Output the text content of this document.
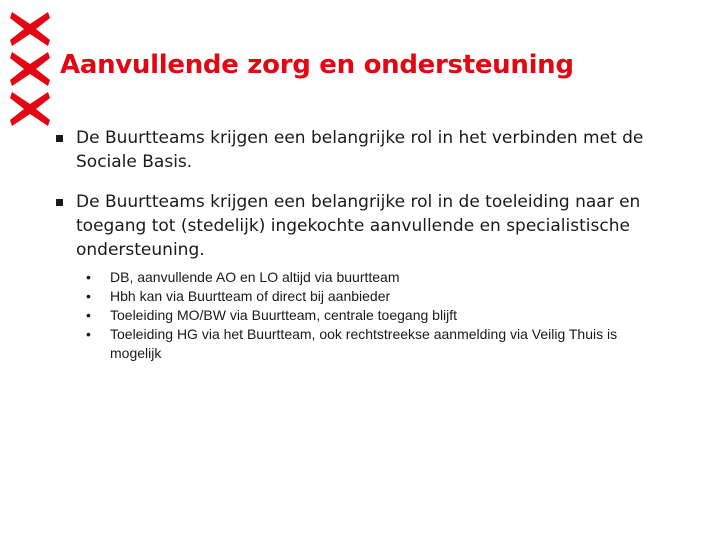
Aanvullende zorg en ondersteuning
De Buurtteams krijgen een belangrijke rol in het verbinden met de Sociale Basis.
De Buurtteams krijgen een belangrijke rol in de toeleiding naar en toegang tot (stedelijk) ingekochte aanvullende en specialistische ondersteuning.
• DB, aanvullende AO en LO altijd via buurtteam
• Hbh kan via Buurtteam of direct bij aanbieder
• Toeleiding MO/BW via Buurtteam, centrale toegang blijft
• Toeleiding HG via het Buurtteam, ook rechtstreekse aanmelding via Veilig Thuis is mogelijk
